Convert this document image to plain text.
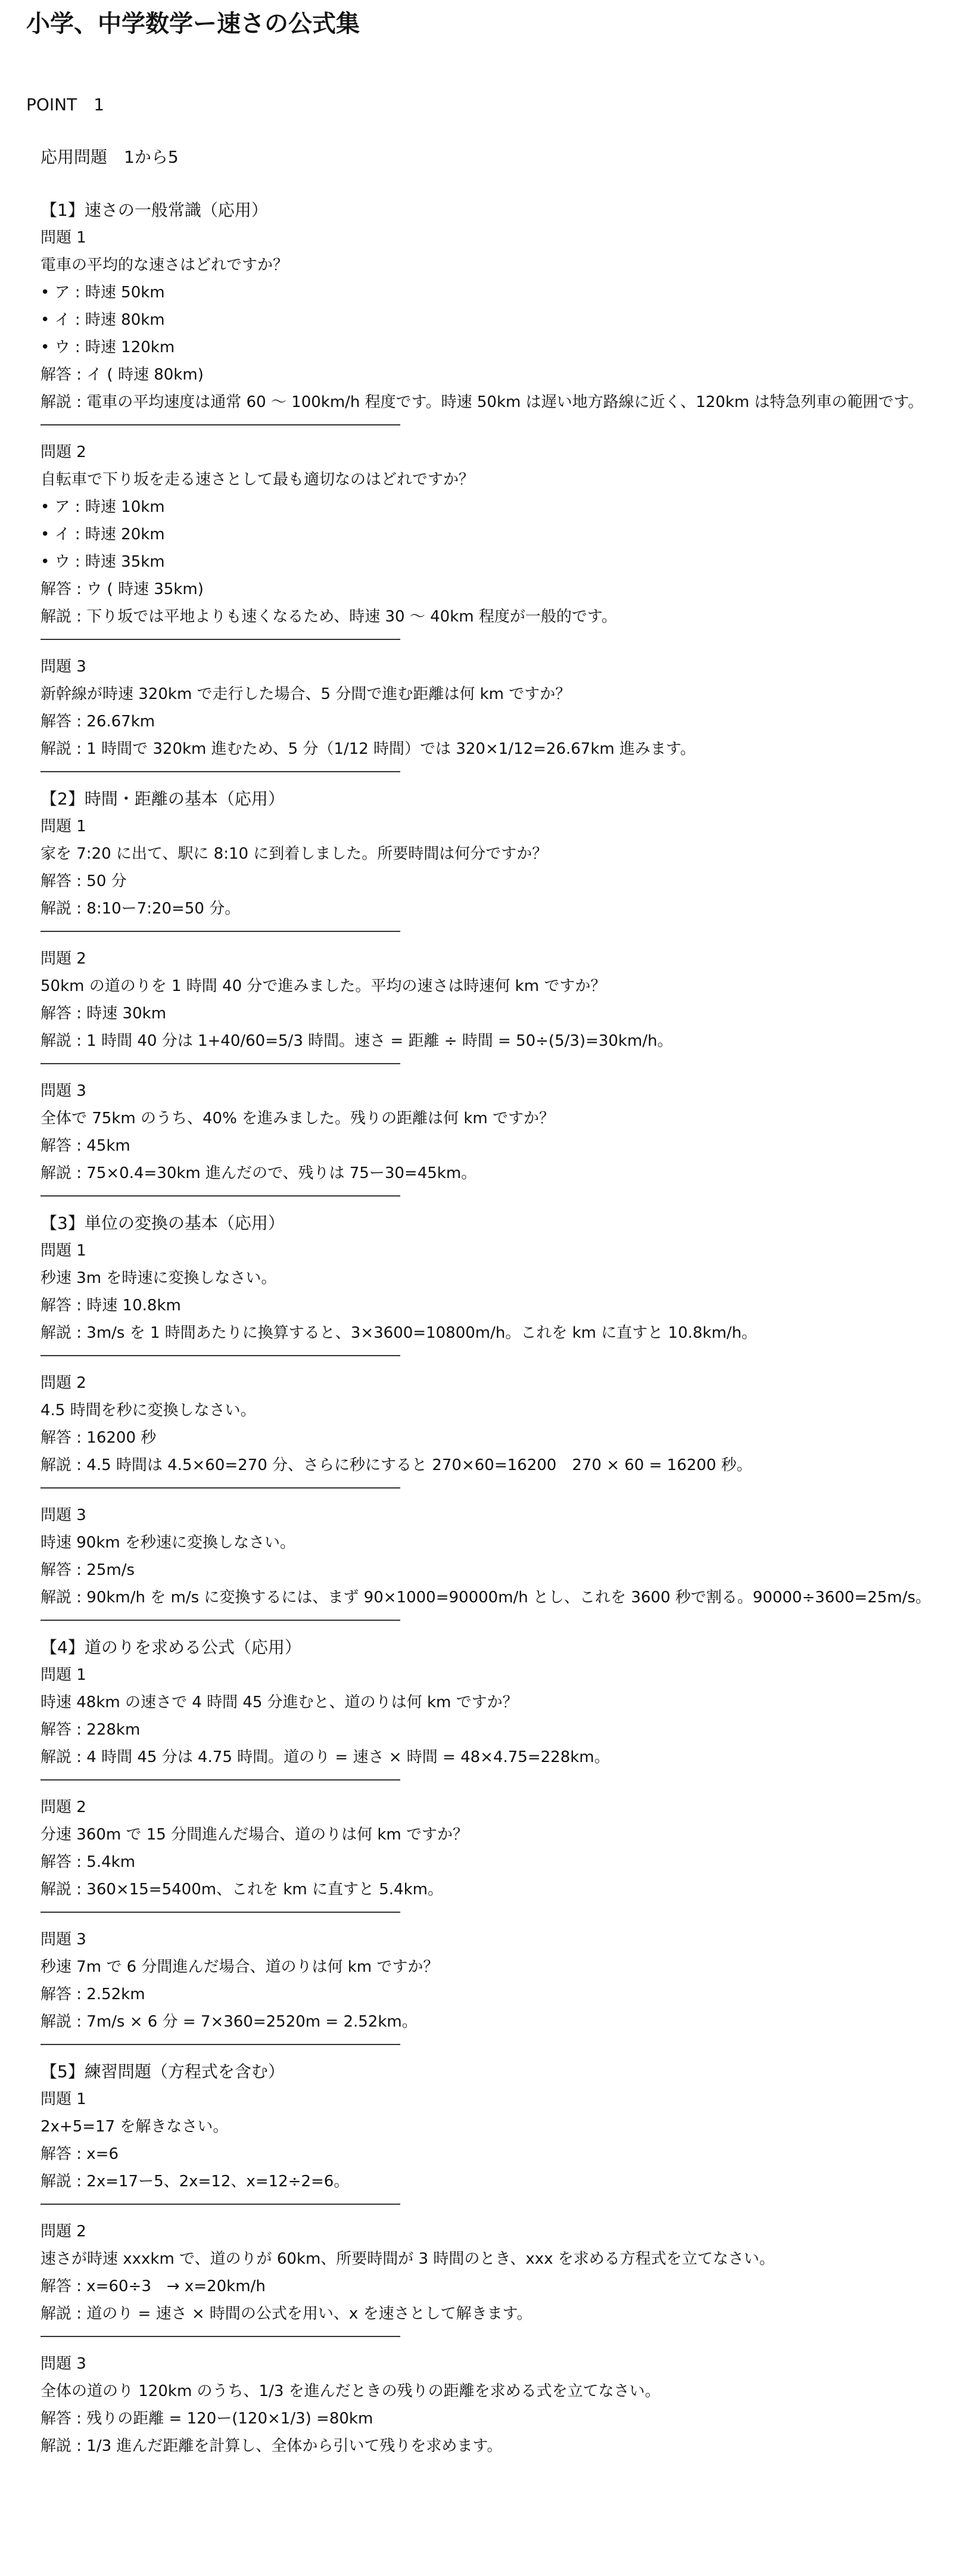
小学、中学数学ー速さの公式集
POINT　1
応用問題　1から5
【1】速さの一般常識（応用）
問題 1
電車の平均的な速さはどれですか？
• ア : 時速 50km
• イ : 時速 80km
• ウ : 時速 120km
解答 : イ ( 時速 80km)
解説 : 電車の平均速度は通常 60 〜 100km/h 程度です。時速 50km は遅い地方路線に近く、120km は特急列車の範囲です。
問題 2
自転車で下り坂を走る速さとして最も適切なのはどれですか？
• ア : 時速 10km
• イ : 時速 20km
• ウ : 時速 35km
解答 : ウ ( 時速 35km)
解説 : 下り坂では平地よりも速くなるため、時速 30 〜 40km 程度が一般的です。
問題 3
新幹線が時速 320km で走行した場合、5 分間で進む距離は何 km ですか？
解答 : 26.67km
解説 : 1 時間で 320km 進むため、5 分（1/12 時間）では 320×1/12=26.67km 進みます。
【2】時間・距離の基本（応用）
問題 1
家を 7:20 に出て、駅に 8:10 に到着しました。所要時間は何分ですか？
解答 : 50 分
解説 : 8:10ー7:20=50 分。
問題 2
50km の道のりを 1 時間 40 分で進みました。平均の速さは時速何 km ですか？
解答 : 時速 30km
解説 : 1 時間 40 分は 1+40/60=5/3 時間。速さ = 距離 ÷ 時間 = 50÷(5/3)=30km/h。
問題 3
全体で 75km のうち、40% を進みました。残りの距離は何 km ですか？
解答 : 45km
解説 : 75×0.4=30km 進んだので、残りは 75ー30=45km。
【3】単位の変換の基本（応用）
問題 1
秒速 3m を時速に変換しなさい。
解答 : 時速 10.8km
解説 : 3m/s を 1 時間あたりに換算すると、3×3600=10800m/h。これを km に直すと 10.8km/h。
問題 2
4.5 時間を秒に変換しなさい。
解答 : 16200 秒
解説 : 4.5 時間は 4.5×60=270 分、さらに秒にすると 270×60=16200　270 × 60 = 16200 秒。
問題 3
時速 90km を秒速に変換しなさい。
解答 : 25m/s
解説 : 90km/h を m/s に変換するには、まず 90×1000=90000m/h とし、これを 3600 秒で割る。90000÷3600=25m/s。
【4】道のりを求める公式（応用）
問題 1
時速 48km の速さで 4 時間 45 分進むと、道のりは何 km ですか？
解答 : 228km
解説 : 4 時間 45 分は 4.75 時間。道のり = 速さ × 時間 = 48×4.75=228km。
問題 2
分速 360m で 15 分間進んだ場合、道のりは何 km ですか？
解答 : 5.4km
解説 : 360×15=5400m、これを km に直すと 5.4km。
問題 3
秒速 7m で 6 分間進んだ場合、道のりは何 km ですか？
解答 : 2.52km
解説 : 7m/s × 6 分 = 7×360=2520m = 2.52km。
【5】練習問題（方程式を含む）
問題 1
2x+5=17 を解きなさい。
解答 : x=6
解説 : 2x=17ー5、2x=12、x=12÷2=6。
問題 2
速さが時速 xxxkm で、道のりが 60km、所要時間が 3 時間のとき、xxx を求める方程式を立てなさい。
解答 : x=60÷3　→ x=20km/h
解説 : 道のり = 速さ × 時間の公式を用い、x を速さとして解きます。
問題 3
全体の道のり 120km のうち、1/3 を進んだときの残りの距離を求める式を立てなさい。
解答 : 残りの距離 = 120ー(120×1/3) =80km
解説 : 1/3 進んだ距離を計算し、全体から引いて残りを求めます。
